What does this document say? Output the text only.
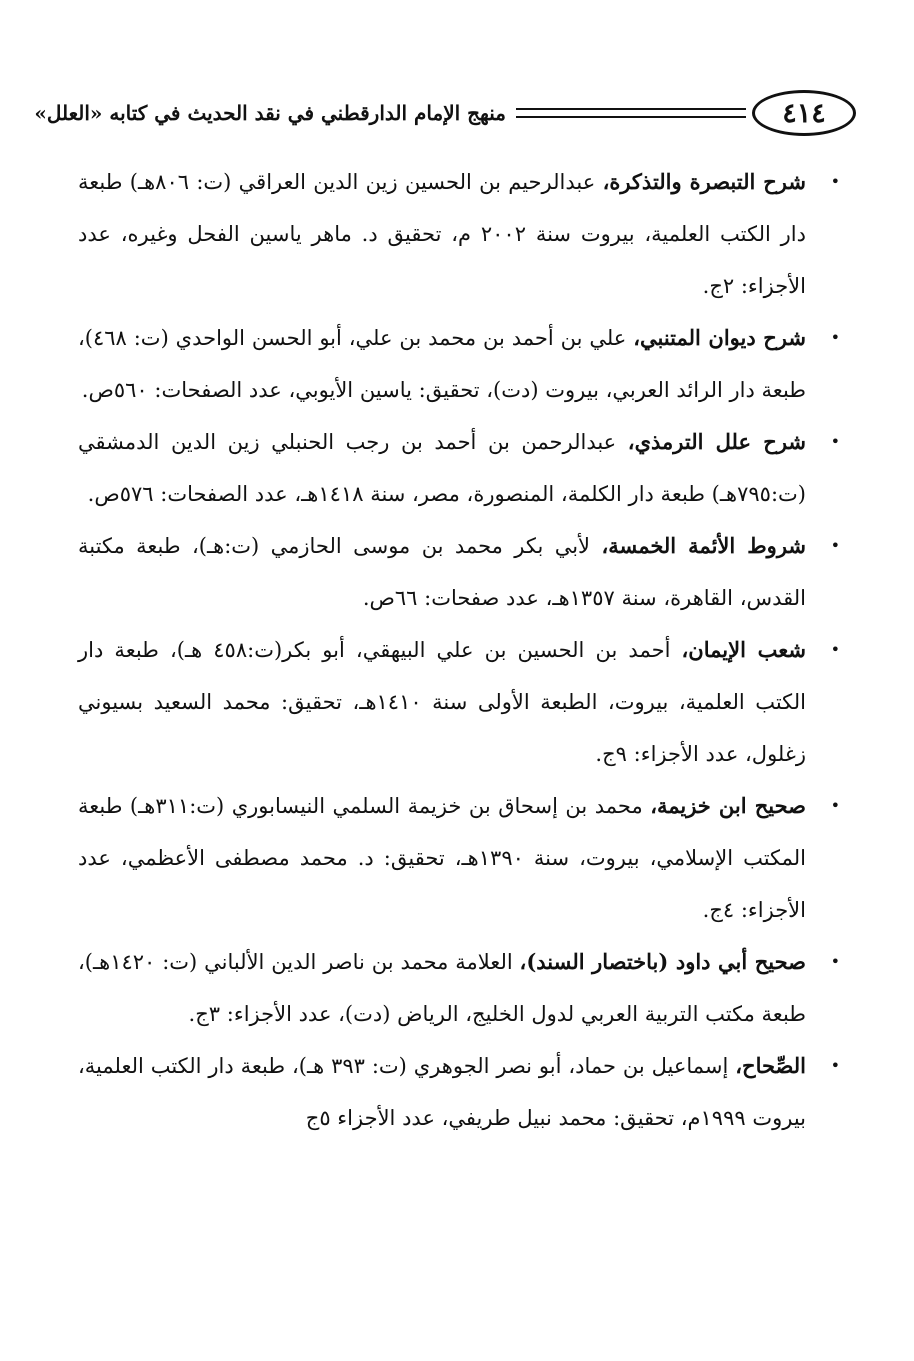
٤١٤
منهج الإمام الدارقطني في نقد الحديث في كتابه «العلل»
•
شرح التبصرة والتذكرة، عبدالرحيم بن الحسين زين الدين العراقي (ت: ٨٠٦هـ) طبعة دار الكتب العلمية، بيروت سنة ٢٠٠٢ م، تحقيق د. ماهر ياسين الفحل وغيره، عدد الأجزاء: ٢ج.
•
شرح ديوان المتنبي، علي بن أحمد بن محمد بن علي، أبو الحسن الواحدي (ت: ٤٦٨)، طبعة دار الرائد العربي، بيروت (دت)، تحقيق: ياسين الأيوبي، عدد الصفحات: ٥٦٠ص.
•
شرح علل الترمذي، عبدالرحمن بن أحمد بن رجب الحنبلي زين الدين الدمشقي (ت:٧٩٥هـ) طبعة دار الكلمة، المنصورة، مصر، سنة ١٤١٨هـ، عدد الصفحات: ٥٧٦ص.
•
شروط الأئمة الخمسة، لأبي بكر محمد بن موسى الحازمي (ت:هـ)، طبعة مكتبة القدس، القاهرة، سنة ١٣٥٧هـ، عدد صفحات: ٦٦ص.
•
شعب الإيمان، أحمد بن الحسين بن علي البيهقي، أبو بكر(ت:٤٥٨ هـ)، طبعة دار الكتب العلمية، بيروت، الطبعة الأولى سنة ١٤١٠هـ، تحقيق: محمد السعيد بسيوني زغلول، عدد الأجزاء: ٩ج.
•
صحيح ابن خزيمة، محمد بن إسحاق بن خزيمة السلمي النيسابوري (ت:٣١١هـ) طبعة المكتب الإسلامي، بيروت، سنة ١٣٩٠هـ، تحقيق: د. محمد مصطفى الأعظمي، عدد الأجزاء: ٤ج.
•
صحيح أبي داود (باختصار السند)، العلامة محمد بن ناصر الدين الألباني (ت: ١٤٢٠هـ)، طبعة مكتب التربية العربي لدول الخليج، الرياض (دت)، عدد الأجزاء: ٣ج.
•
الصِّحاح، إسماعيل بن حماد، أبو نصر الجوهري (ت: ٣٩٣ هـ)، طبعة دار الكتب العلمية، بيروت ١٩٩٩م، تحقيق: محمد نبيل طريفي، عدد الأجزاء ٥ج
